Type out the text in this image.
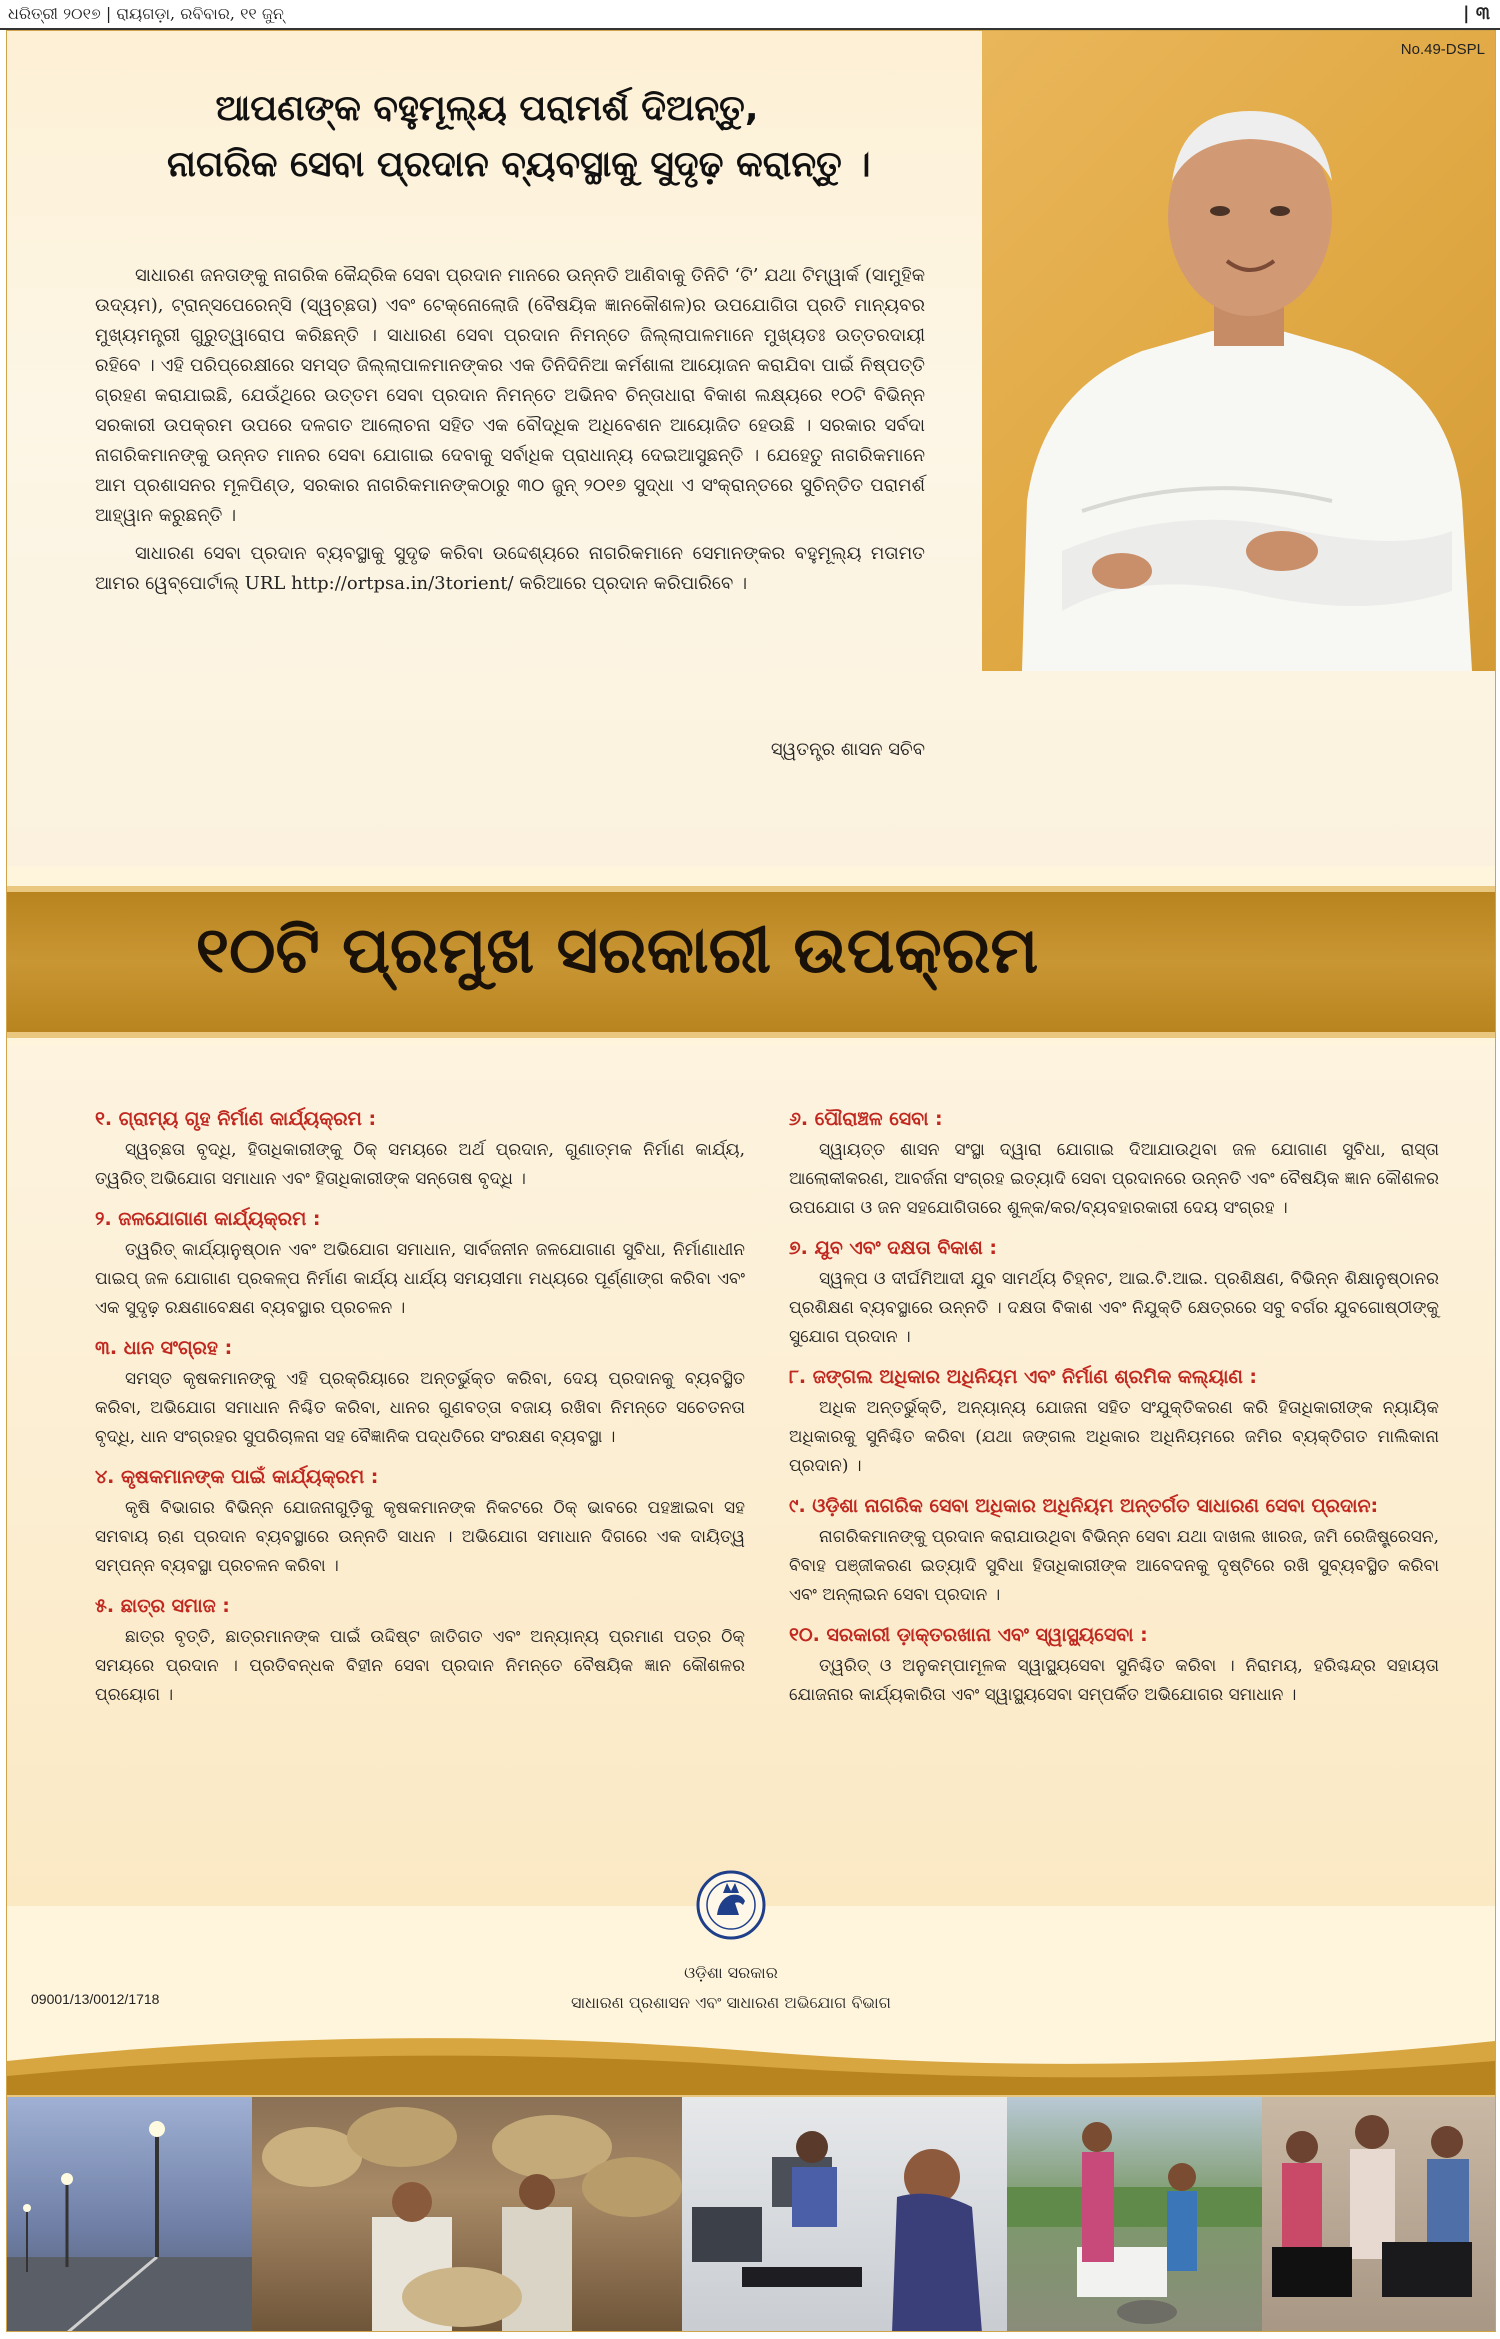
ଧରିତ୍ରୀ ୨୦୧୭ | ରାୟଗଡ଼ା, ରବିବାର, ୧୧ ଜୁନ୍	| ୩
No.49-DSPL
ଆପଣଙ୍କ ବହୁମୂଲ୍ୟ ପରାମର୍ଶ ଦିଅନ୍ତୁ,
ନାଗରିକ ସେବା ପ୍ରଦାନ ବ୍ୟବସ୍ଥାକୁ ସୁଦୃଢ଼ କରାନ୍ତୁ ।

ସାଧାରଣ ଜନତାଙ୍କୁ ନାଗରିକ କୈନ୍ଦ୍ରିକ ସେବା ପ୍ରଦାନ ମାନରେ ଉନ୍ନତି ଆଣିବାକୁ ତିନିଟି ‘ଟି’ ଯଥା ଟିମ୍‌ୱାର୍କ (ସାମୁହିକ ଉଦ୍ୟମ), ଟ୍ରାନ୍ସପେରେନ୍ସି (ସ୍ୱଚ୍ଛତା) ଏବଂ ଟେକ୍ନୋଲୋଜି (ବୈଷୟିକ ଜ୍ଞାନକୌଶଳ)ର ଉପଯୋଗିତା ପ୍ରତି ମାନ୍ୟବର ମୁଖ୍ୟମନ୍ତ୍ରୀ ଗୁରୁତ୍ୱାରୋପ କରିଛନ୍ତି । ସାଧାରଣ ସେବା ପ୍ରଦାନ ନିମନ୍ତେ ଜିଲ୍ଲାପାଳମାନେ ମୁଖ୍ୟତଃ ଉତ୍ତରଦାୟୀ ରହିବେ । ଏହି ପରିପ୍ରେକ୍ଷୀରେ ସମସ୍ତ ଜିଲ୍ଲାପାଳମାନଙ୍କର ଏକ ତିନିଦିନିଆ କର୍ମଶାଳା ଆୟୋଜନ କରାଯିବା ପାଇଁ ନିଷ୍ପତ୍ତି ଗ୍ରହଣ କରାଯାଇଛି, ଯେଉଁଥିରେ ଉତ୍ତମ ସେବା ପ୍ରଦାନ ନିମନ୍ତେ ଅଭିନବ ଚିନ୍ତାଧାରା ବିକାଶ ଲକ୍ଷ୍ୟରେ ୧୦ଟି ବିଭିନ୍ନ ସରକାରୀ ଉପକ୍ରମ ଉପରେ ଦଳଗତ ଆଲୋଚନା ସହିତ ଏକ ବୌଦ୍ଧିକ ଅଧିବେଶନ ଆୟୋଜିତ ହେଉଛି । ସରକାର ସର୍ବଦା ନାଗରିକମାନଙ୍କୁ ଉନ୍ନତ ମାନର ସେବା ଯୋଗାଇ ଦେବାକୁ ସର୍ବାଧିକ ପ୍ରାଧାନ୍ୟ ଦେଇଆସୁଛନ୍ତି । ଯେହେତୁ ନାଗରିକମାନେ ଆମ ପ୍ରଶାସନର ମୂଳପିଣ୍ଡ, ସରକାର ନାଗରିକମାନଙ୍କଠାରୁ ୩୦ ଜୁନ୍ ୨୦୧୭ ସୁଦ୍ଧା ଏ ସଂକ୍ରାନ୍ତରେ ସୁଚିନ୍ତିତ ପରାମର୍ଶ ଆହ୍ୱାନ କରୁଛନ୍ତି ।

ସାଧାରଣ ସେବା ପ୍ରଦାନ ବ୍ୟବସ୍ଥାକୁ ସୁଦୃଢ କରିବା ଉଦ୍ଦେଶ୍ୟରେ ନାଗରିକମାନେ ସେମାନଙ୍କର ବହୁମୂଲ୍ୟ ମତାମତ ଆମର ୱେବ୍‌ପୋର୍ଟାଲ୍ URL http://ortpsa.in/3torient/ କରିଆରେ ପ୍ରଦାନ କରିପାରିବେ ।

ସ୍ୱତନ୍ତ୍ର ଶାସନ ସଚିବ
୧୦ଟି ପ୍ରମୁଖ ସରକାରୀ ଉପକ୍ରମ
୧. ଗ୍ରାମ୍ୟ ଗୃହ ନିର୍ମାଣ କାର୍ଯ୍ୟକ୍ରମ :
ସ୍ୱଚ୍ଛତା ବୃଦ୍ଧି, ହିତାଧିକାରୀଙ୍କୁ ଠିକ୍ ସମୟରେ ଅର୍ଥ ପ୍ରଦାନ, ଗୁଣାତ୍ମକ ନିର୍ମାଣ କାର୍ଯ୍ୟ, ତ୍ୱରିତ୍ ଅଭିଯୋଗ ସମାଧାନ ଏବଂ ହିତାଧିକାରୀଙ୍କ ସନ୍ତୋଷ ବୃଦ୍ଧି ।
୨. ଜଳଯୋଗାଣ କାର୍ଯ୍ୟକ୍ରମ :
ତ୍ୱରିତ୍ କାର୍ଯ୍ୟାନୁଷ୍ଠାନ ଏବଂ ଅଭିଯୋଗ ସମାଧାନ, ସାର୍ବଜନୀନ ଜଳଯୋଗାଣ ସୁବିଧା, ନିର୍ମାଣାଧୀନ ପାଇପ୍ ଜଳ ଯୋଗାଣ ପ୍ରକଳ୍ପ ନିର୍ମାଣ କାର୍ଯ୍ୟ ଧାର୍ଯ୍ୟ ସମୟସୀମା ମଧ୍ୟରେ ପୂର୍ଣ୍ଣାଙ୍ଗ କରିବା ଏବଂ ଏକ ସୁଦୃଢ଼ ରକ୍ଷଣାବେକ୍ଷଣ ବ୍ୟବସ୍ଥାର ପ୍ରଚଳନ ।
୩. ଧାନ ସଂଗ୍ରହ :
ସମସ୍ତ କୃଷକମାନଙ୍କୁ ଏହି ପ୍ରକ୍ରିୟାରେ ଅନ୍ତର୍ଭୁକ୍ତ କରିବା, ଦେୟ ପ୍ରଦାନକୁ ବ୍ୟବସ୍ଥିତ କରିବା, ଅଭିଯୋଗ ସମାଧାନ ନିଶ୍ଚିତ କରିବା, ଧାନର ଗୁଣବତ୍ତା ବଜାୟ ରଖିବା ନିମନ୍ତେ ସଚେତନତା ବୃଦ୍ଧି, ଧାନ ସଂଗ୍ରହର ସୁପରିଚାଳନା ସହ ବୈଜ୍ଞାନିକ ପଦ୍ଧତିରେ ସଂରକ୍ଷଣ ବ୍ୟବସ୍ଥା ।
୪. କୃଷକମାନଙ୍କ ପାଇଁ କାର୍ଯ୍ୟକ୍ରମ :
କୃଷି ବିଭାଗର ବିଭିନ୍ନ ଯୋଜନାଗୁଡ଼ିକୁ କୃଷକମାନଙ୍କ ନିକଟରେ ଠିକ୍ ଭାବରେ ପହଞ୍ଚାଇବା ସହ ସମବାୟ ଋଣ ପ୍ରଦାନ ବ୍ୟବସ୍ଥାରେ ଉନ୍ନତି ସାଧନ । ଅଭିଯୋଗ ସମାଧାନ ଦିଗରେ ଏକ ଦାୟିତ୍ୱ ସମ୍ପନ୍ନ ବ୍ୟବସ୍ଥା ପ୍ରଚଳନ କରିବା ।
୫. ଛାତ୍ର ସମାଜ :
ଛାତ୍ର ବୃତ୍ତି, ଛାତ୍ରମାନଙ୍କ ପାଇଁ ଉଦ୍ଦିଷ୍ଟ ଜାତିଗତ ଏବଂ ଅନ୍ୟାନ୍ୟ ପ୍ରମାଣ ପତ୍ର ଠିକ୍ ସମୟରେ ପ୍ରଦାନ । ପ୍ରତିବନ୍ଧକ ବିହୀନ ସେବା ପ୍ରଦାନ ନିମନ୍ତେ ବୈଷୟିକ ଜ୍ଞାନ କୌଶଳର ପ୍ରୟୋଗ ।
୬. ପୌରାଞ୍ଚଳ ସେବା :
ସ୍ୱାୟତ୍ତ ଶାସନ ସଂସ୍ଥା ଦ୍ୱାରା ଯୋଗାଇ ଦିଆଯାଉଥିବା ଜଳ ଯୋଗାଣ ସୁବିଧା, ରାସ୍ତା ଆଲୋକୀକରଣ, ଆବର୍ଜନା ସଂଗ୍ରହ ଇତ୍ୟାଦି ସେବା ପ୍ରଦାନରେ ଉନ୍ନତି ଏବଂ ବୈଷୟିକ ଜ୍ଞାନ କୌଶଳର ଉପଯୋଗ ଓ ଜନ ସହଯୋଗିତାରେ ଶୁଳ୍କ/କର/ବ୍ୟବହାରକାରୀ ଦେୟ ସଂଗ୍ରହ ।
୭. ଯୁବ ଏବଂ ଦକ୍ଷତା ବିକାଶ :
ସ୍ୱଳ୍ପ ଓ ଦୀର୍ଘମିଆଦୀ ଯୁବ ସାମର୍ଥ୍ୟ ଚିହ୍ନଟ, ଆଇ.ଟି.ଆଇ. ପ୍ରଶିକ୍ଷଣ, ବିଭିନ୍ନ ଶିକ୍ଷାନୁଷ୍ଠାନର ପ୍ରଶିକ୍ଷଣ ବ୍ୟବସ୍ଥାରେ ଉନ୍ନତି । ଦକ୍ଷତା ବିକାଶ ଏବଂ ନିଯୁକ୍ତି କ୍ଷେତ୍ରରେ ସବୁ ବର୍ଗର ଯୁବଗୋଷ୍ଠୀଙ୍କୁ ସୁଯୋଗ ପ୍ରଦାନ ।
୮. ଜଙ୍ଗଲ ଅଧିକାର ଅଧିନିୟମ ଏବଂ ନିର୍ମାଣ ଶ୍ରମିକ କଲ୍ୟାଣ :
ଅଧିକ ଅନ୍ତର୍ଭୁକ୍ତି, ଅନ୍ୟାନ୍ୟ ଯୋଜନା ସହିତ ସଂଯୁକ୍ତିକରଣ କରି ହିତାଧିକାରୀଙ୍କ ନ୍ୟାୟିକ ଅଧିକାରକୁ ସୁନିଶ୍ଚିତ କରିବା (ଯଥା ଜଙ୍ଗଲ ଅଧିକାର ଅଧିନିୟମରେ ଜମିର ବ୍ୟକ୍ତିଗତ ମାଲିକାନା ପ୍ରଦାନ) ।
୯. ଓଡ଼ିଶା ନାଗରିକ ସେବା ଅଧିକାର ଅଧିନିୟମ ଅନ୍ତର୍ଗତ ସାଧାରଣ ସେବା ପ୍ରଦାନ:
ନାଗରିକମାନଙ୍କୁ ପ୍ରଦାନ କରାଯାଉଥିବା ବିଭିନ୍ନ ସେବା ଯଥା ଦାଖଲ ଖାରଜ, ଜମି ରେଜିଷ୍ଟ୍ରେସନ, ବିବାହ ପଞ୍ଜୀକରଣ ଇତ୍ୟାଦି ସୁବିଧା ହିତାଧିକାରୀଙ୍କ ଆବେଦନକୁ ଦୃଷ୍ଟିରେ ରଖି ସୁବ୍ୟବସ୍ଥିତ କରିବା ଏବଂ ଅନ୍‌ଲାଇନ ସେବା ପ୍ରଦାନ ।
୧୦. ସରକାରୀ ଡ଼ାକ୍ତରଖାନା ଏବଂ ସ୍ୱାସ୍ଥ୍ୟସେବା :
ତ୍ୱରିତ୍ ଓ ଅନୁକମ୍ପାମୂଳକ ସ୍ୱାସ୍ଥ୍ୟସେବା ସୁନିଶ୍ଚିତ କରିବା । ନିରାମୟ, ହରିଶ୍ଚନ୍ଦ୍ର ସହାୟତା ଯୋଜନାର କାର୍ଯ୍ୟକାରିତା ଏବଂ ସ୍ୱାସ୍ଥ୍ୟସେବା ସମ୍ପର୍କିତ ଅଭିଯୋଗର ସମାଧାନ ।
ଓଡ଼ିଶା ସରକାର
ସାଧାରଣ ପ୍ରଶାସନ ଏବଂ ସାଧାରଣ ଅଭିଯୋଗ ବିଭାଗ
09001/13/0012/1718
